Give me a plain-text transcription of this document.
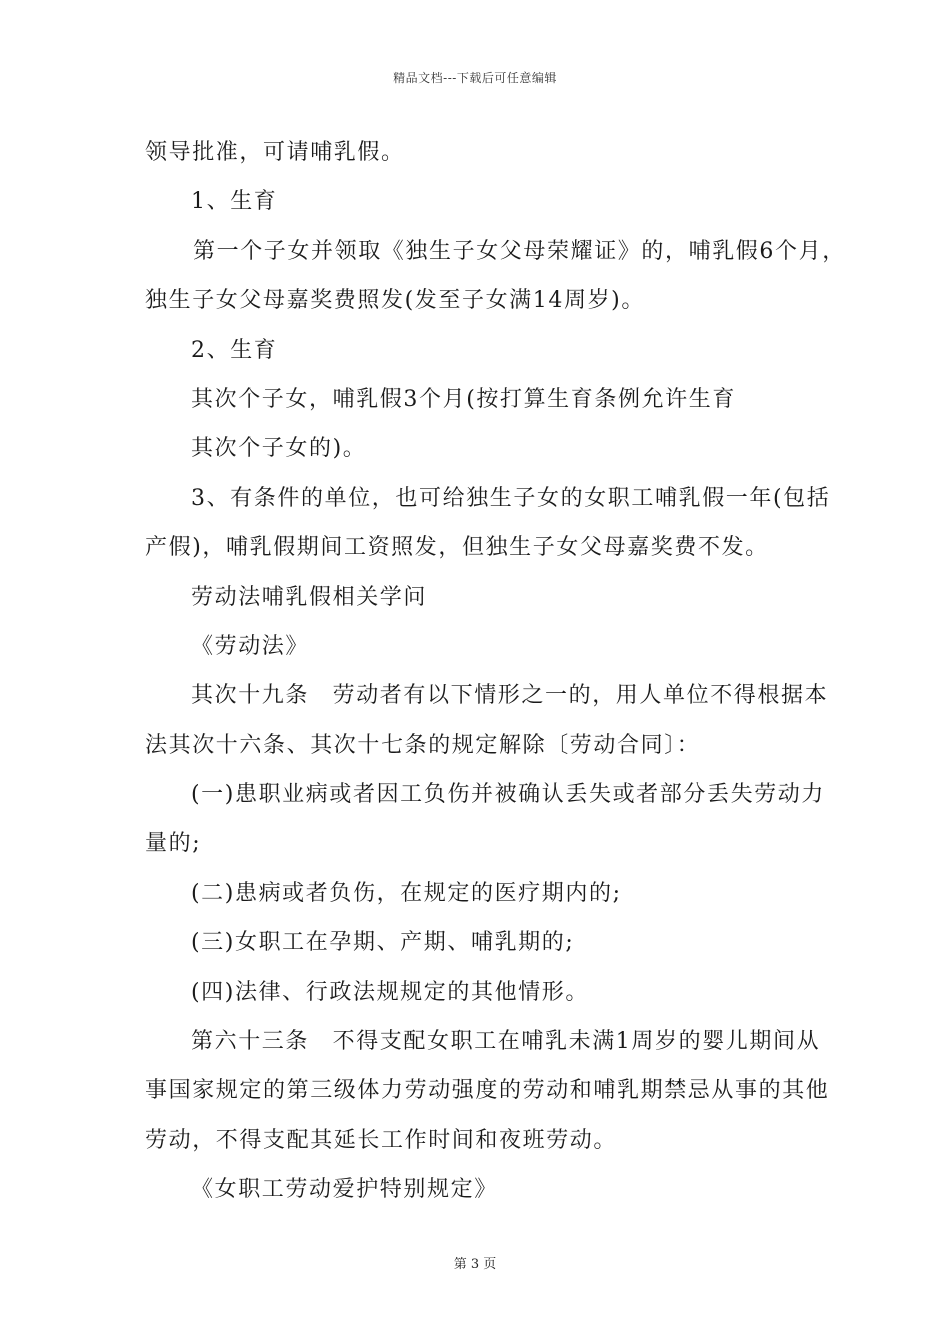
精品文档---下载后可任意编辑
领导批准，可请哺乳假。
1、生育
第一个子女并领取《独生子女父母荣耀证》的，哺乳假6个月，
独生子女父母嘉奖费照发(发至子女满14周岁)。
2、生育
其次个子女，哺乳假3个月(按打算生育条例允许生育
其次个子女的)。
3、有条件的单位，也可给独生子女的女职工哺乳假一年(包括
产假)，哺乳假期间工资照发，但独生子女父母嘉奖费不发。
劳动法哺乳假相关学问
《劳动法》
其次十九条　劳动者有以下情形之一的，用人单位不得根据本
法其次十六条、其次十七条的规定解除〔劳动合同〕：
(一)患职业病或者因工负伤并被确认丢失或者部分丢失劳动力
量的;
(二)患病或者负伤，在规定的医疗期内的;
(三)女职工在孕期、产期、哺乳期的;
(四)法律、行政法规规定的其他情形。
第六十三条　不得支配女职工在哺乳未满1周岁的婴儿期间从
事国家规定的第三级体力劳动强度的劳动和哺乳期禁忌从事的其他
劳动，不得支配其延长工作时间和夜班劳动。
《女职工劳动爱护特别规定》
第 3 页
